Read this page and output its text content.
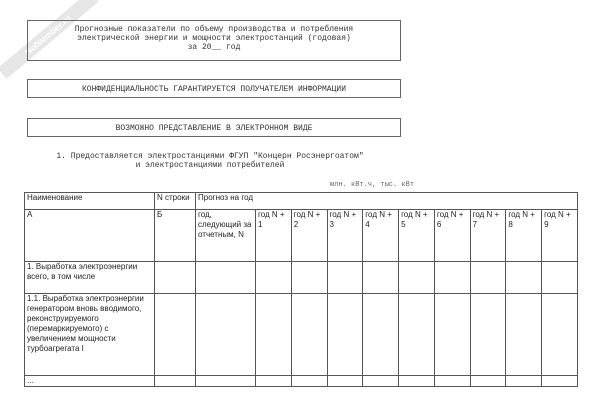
NoNumber.ru Прогнозные показатели по объему производства и потребления
электрической энергии и мощности электростанций (годовая)
за 20__ год
КОНФИДЕНЦИАЛЬНОСТЬ ГАРАНТИРУЕТСЯ ПОЛУЧАТЕЛЕМ ИНФОРМАЦИИ
ВОЗМОЖНО ПРЕДСТАВЛЕНИЕ В ЭЛЕКТРОННОМ ВИДЕ
1. Предоставляется электростанциями ФГУП "Концерн Росэнергоатом"
и электростанциями потребителей
млн. кВт.ч, тыс. кВт
Наименование	N строки	Прогноз на год									
А	Б	год, следующий за отчетным, N	год N + 1	год N + 2	год N + 3	год N + 4	год N + 5	год N + 6	год N + 7	год N + 8	год N + 9
1. Выработка электроэнергии всего, в том числе											
1.1. Выработка электроэнергии генератором вновь вводимого, реконструируемого (перемаркируемого) с увеличением мощности турбоагрегата I											
...											
